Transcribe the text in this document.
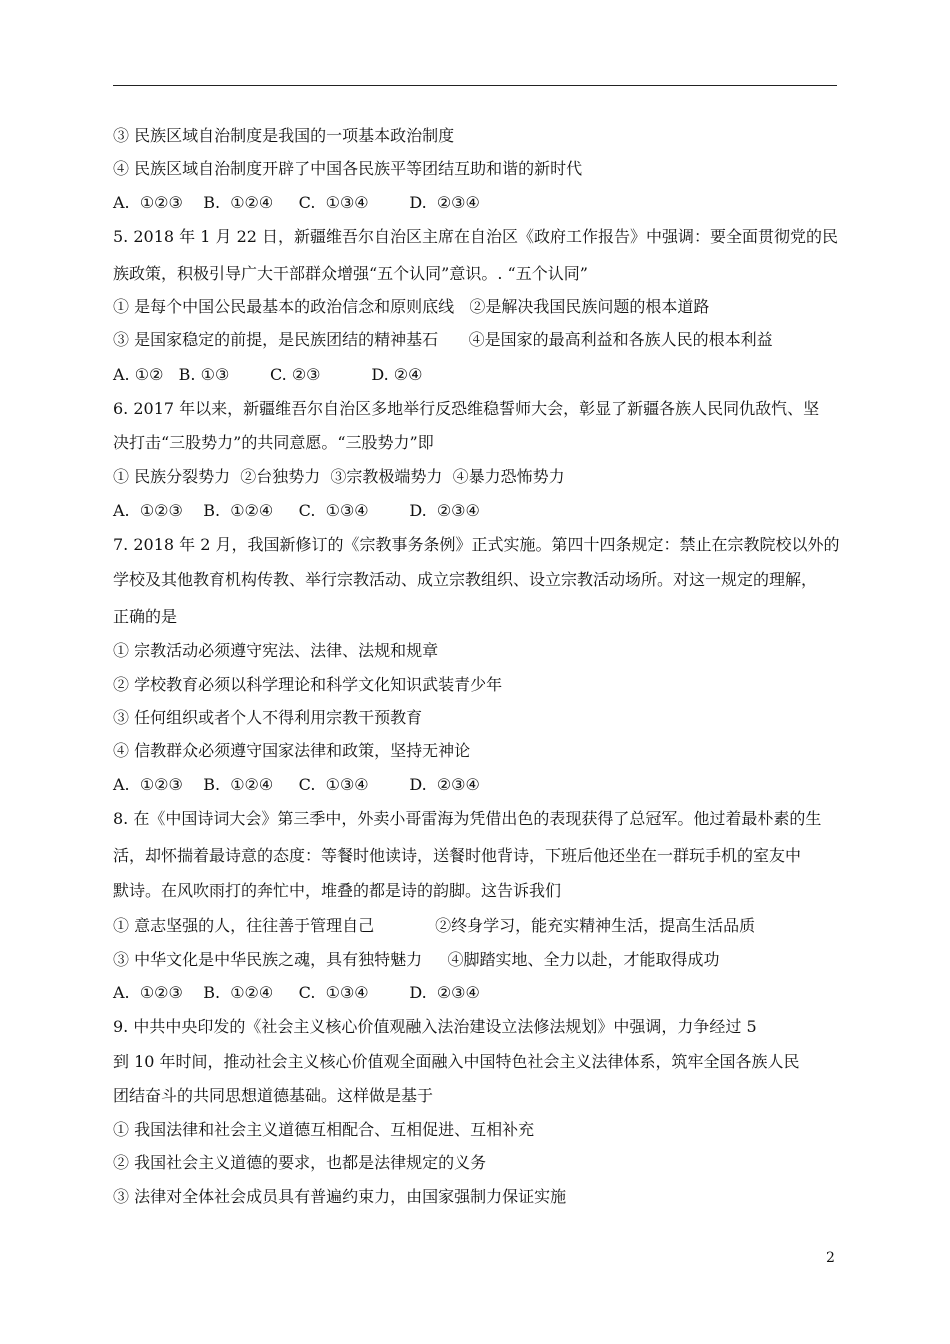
③ 民族区域自治制度是我国的一项基本政治制度
④ 民族区域自治制度开辟了中国各民族平等团结互助和谐的新时代
A.  ①②③    B.  ①②④     C.  ①③④        D.  ②③④
5. 2018 年 1 月 22 日，新疆维吾尔自治区主席在自治区《政府工作报告》中强调：要全面贯彻党的民
族政策，积极引导广大干部群众增强“五个认同”意识。. “五个认同”
① 是每个中国公民最基本的政治信念和原则底线   ②是解决我国民族问题的根本道路
③ 是国家稳定的前提，是民族团结的精神基石      ④是国家的最高利益和各族人民的根本利益
A. ①②   B. ①③        C. ②③          D. ②④
6. 2017 年以来，新疆维吾尔自治区多地举行反恐维稳誓师大会，彰显了新疆各族人民同仇敌忾、坚
决打击“三股势力”的共同意愿。“三股势力”即
① 民族分裂势力  ②台独势力  ③宗教极端势力  ④暴力恐怖势力
A.  ①②③    B.  ①②④     C.  ①③④        D.  ②③④
7. 2018 年 2 月，我国新修订的《宗教事务条例》正式实施。第四十四条规定：禁止在宗教院校以外的
学校及其他教育机构传教、举行宗教活动、成立宗教组织、设立宗教活动场所。对这一规定的理解，
正确的是
① 宗教活动必须遵守宪法、法律、法规和规章
② 学校教育必须以科学理论和科学文化知识武装青少年
③ 任何组织或者个人不得利用宗教干预教育
④ 信教群众必须遵守国家法律和政策，坚持无神论
A.  ①②③    B.  ①②④     C.  ①③④        D.  ②③④
8. 在《中国诗词大会》第三季中，外卖小哥雷海为凭借出色的表现获得了总冠军。他过着最朴素的生
活，却怀揣着最诗意的态度：等餐时他读诗，送餐时他背诗，下班后他还坐在一群玩手机的室友中
默诗。在风吹雨打的奔忙中，堆叠的都是诗的韵脚。这告诉我们
① 意志坚强的人，往往善于管理自己            ②终身学习，能充实精神生活，提高生活品质
③ 中华文化是中华民族之魂，具有独特魅力     ④脚踏实地、全力以赴，才能取得成功
A.  ①②③    B.  ①②④     C.  ①③④        D.  ②③④
9. 中共中央印发的《社会主义核心价值观融入法治建设立法修法规划》中强调，力争经过 5
到 10 年时间，推动社会主义核心价值观全面融入中国特色社会主义法律体系，筑牢全国各族人民
团结奋斗的共同思想道德基础。这样做是基于
① 我国法律和社会主义道德互相配合、互相促进、互相补充
② 我国社会主义道德的要求，也都是法律规定的义务
③ 法律对全体社会成员具有普遍约束力，由国家强制力保证实施
2
